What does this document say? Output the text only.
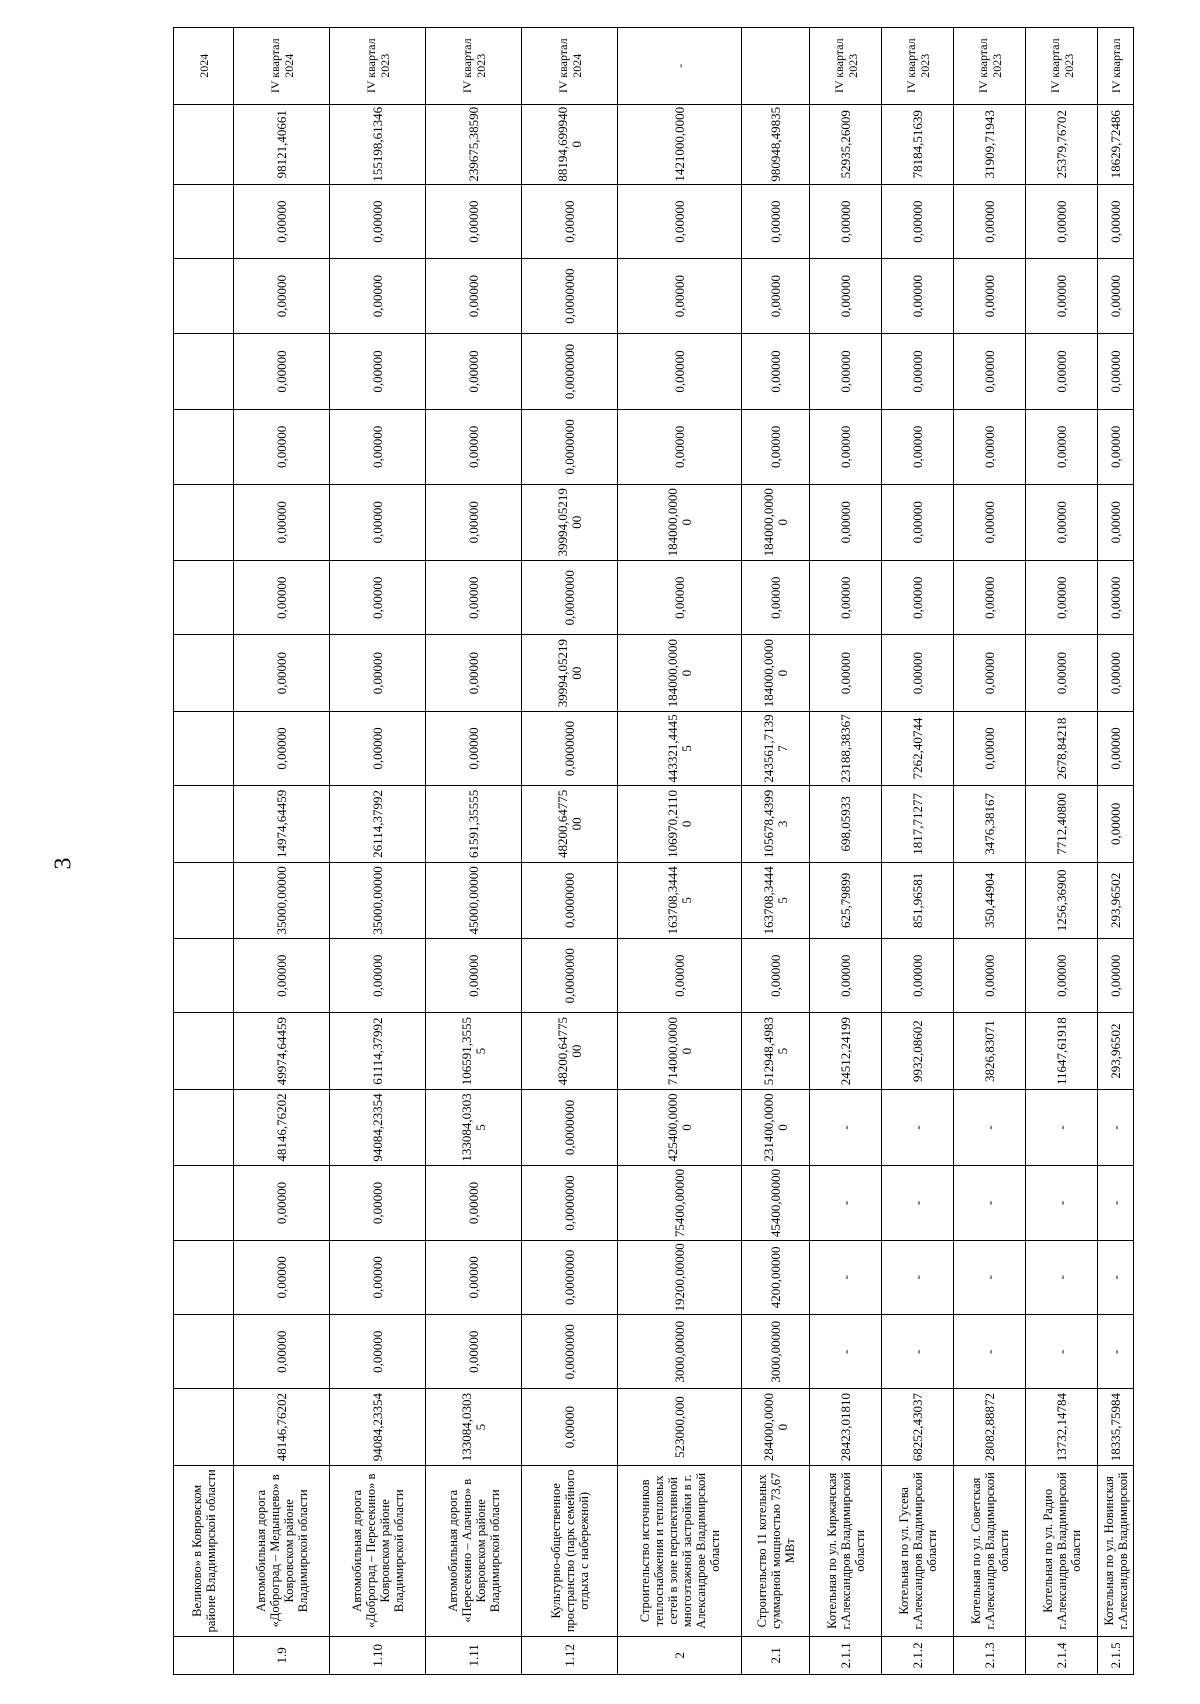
3
	Великово» в Ковровском районе Владимирской области																			2024
1.9	Автомобильная дорога «Доброград – Медынцево» в Ковровском районе Владимирской области	48146,76202	0,00000	0,00000	0,00000	48146,76202	49974,64459	0,00000	35000,00000	14974,64459	0,00000	0,00000	0,00000	0,00000	0,00000	0,00000	0,00000	0,00000	98121,40661	IV квартал 2024
1.10	Автомобильная дорога «Доброград – Пересекино» в Ковровском районе Владимирской области	94084,23354	0,00000	0,00000	0,00000	94084,23354	61114,37992	0,00000	35000,00000	26114,37992	0,00000	0,00000	0,00000	0,00000	0,00000	0,00000	0,00000	0,00000	155198,61346	IV квартал 2023
1.11	Автомобильная дорога «Пересекино – Алачино» в Ковровском районе Владимирской области	133084,03035	0,00000	0,00000	0,00000	133084,03035	106591,35555	0,00000	45000,00000	61591,35555	0,00000	0,00000	0,00000	0,00000	0,00000	0,00000	0,00000	0,00000	239675,38590	IV квартал 2023
1.12	Культурно-общественное пространство (парк семейного отдыха с набережной)	0,00000	0,0000000	0,0000000	0,0000000	0,0000000	48200,6477500	0,0000000	0,0000000	48200,6477500	0,0000000	39994,0521900	0,0000000	39994,0521900	0,0000000	0,0000000	0,0000000	0,00000	88194,6999400	IV квартал 2024
2	Строительство источников теплоснабжения и тепловых сетей в зоне перспективной многоэтажной застройки в г. Александрове Владимирской области	523000,000	3000,00000	19200,00000	75400,00000	425400,00000	714000,00000	0,00000	163708,34445	106970,21100	443321,44455	184000,00000	0,00000	184000,00000	0,00000	0,00000	0,00000	0,00000	1421000,0000	-
2.1	Строительство 11 котельных суммарной мощностью 73,67 МВт	284000,00000	3000,00000	4200,00000	45400,00000	231400,00000	512948,49835	0,00000	163708,34445	105678,43993	243561,71397	184000,00000	0,00000	184000,00000	0,00000	0,00000	0,00000	0,00000	980948,49835	
2.1.1	Котельная по ул. Киржачская г.Александров Владимирской области	28423,01810	-	-	-	-	24512,24199	0,00000	625,79899	698,05933	23188,38367	0,00000	0,00000	0,00000	0,00000	0,00000	0,00000	0,00000	52935,26009	IV квартал 2023
2.1.2	Котельная по ул. Гусева г.Александров Владимирской области	68252,43037	-	-	-	-	9932,08602	0,00000	851,96581	1817,71277	7262,40744	0,00000	0,00000	0,00000	0,00000	0,00000	0,00000	0,00000	78184,51639	IV квартал 2023
2.1.3	Котельная по ул. Советская г.Александров Владимирской области	28082,88872	-	-	-	-	3826,83071	0,00000	350,44904	3476,38167	0,00000	0,00000	0,00000	0,00000	0,00000	0,00000	0,00000	0,00000	31909,71943	IV квартал 2023
2.1.4	Котельная по ул. Радио г.Александров Владимирской области	13732,14784	-	-	-	-	11647,61918	0,00000	1256,36900	7712,40800	2678,84218	0,00000	0,00000	0,00000	0,00000	0,00000	0,00000	0,00000	25379,76702	IV квартал 2023
2.1.5	Котельная по ул. Новинская г.Александров Владимирской	18335,75984	-	-	-	-	293,96502	0,00000	293,96502	0,00000	0,00000	0,00000	0,00000	0,00000	0,00000	0,00000	0,00000	0,00000	18629,72486	IV квартал
